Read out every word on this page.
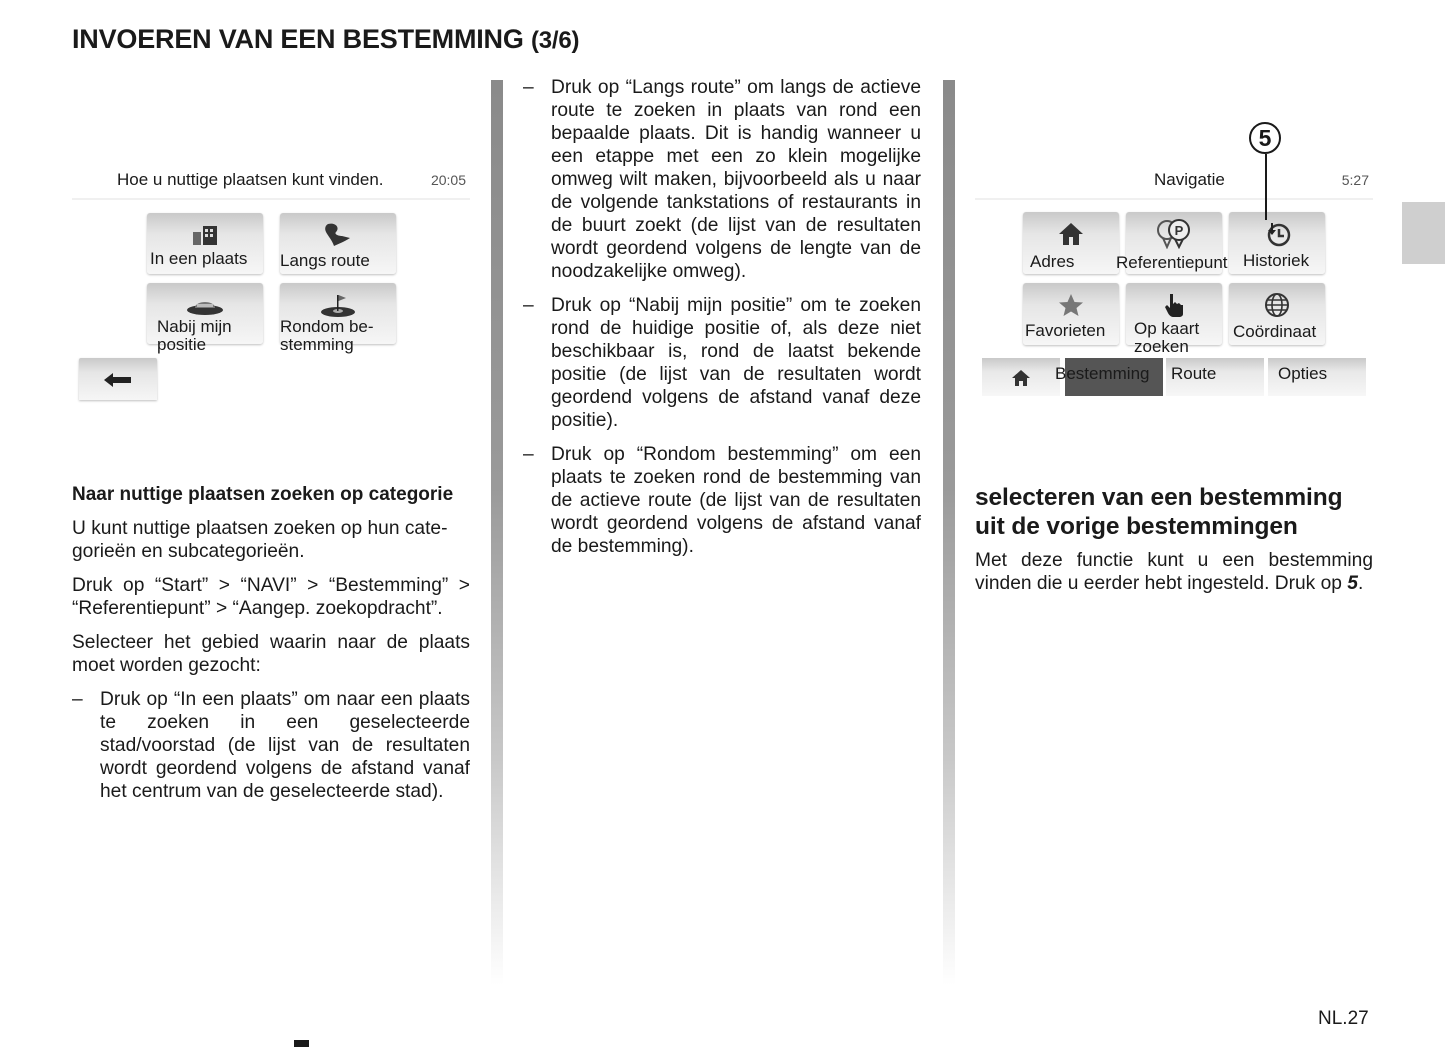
INVOEREN VAN EEN BESTEMMING (3/6)
Hoe u nuttige plaatsen kunt vinden.	20:05
In een plaats Langs route
Nabij mijn
positie
Rondom be-
stemming
Navigatie	5:27
Adres
P
Referentiepunt Historiek
Favorieten Op kaart
zoeken
Coördinaat
Bestemming Route	Opties
5
Naar nuttige plaatsen zoeken op categorie

U kunt nuttige plaatsen zoeken op hun categorieën en subcategorieën.

Druk op “Start” > “NAVI” > “Bestemming” > “Referentiepunt” > “Aangep. zoekopdracht”.

Selecteer het gebied waarin naar de plaats moet worden gezocht:

– Druk op “In een plaats” om naar een plaats te zoeken in een geselecteerde stad/voorstad (de lijst van de resultaten wordt geordend volgens de afstand vanaf het centrum van de geselecteerde stad).
– Druk op “Langs route” om langs de actieve route te zoeken in plaats van rond een bepaalde plaats. Dit is handig wanneer u een etappe met een zo klein mogelijke omweg wilt maken, bijvoorbeeld als u naar de volgende tankstations of restaurants in de buurt zoekt (de lijst van de resultaten wordt geordend volgens de lengte van de noodzakelijke omweg).
– Druk op “Nabij mijn positie” om te zoeken rond de huidige positie of, als deze niet beschikbaar is, rond de laatst bekende positie (de lijst van de resultaten wordt geordend volgens de afstand vanaf deze positie).
– Druk op “Rondom bestemming” om een plaats te zoeken rond de bestemming van de actieve route (de lijst van de resultaten wordt geordend volgens de afstand vanaf de bestemming).
selecteren van een bestemming uit de vorige bestemmingen

Met deze functie kunt u een bestemming vinden die u eerder hebt ingesteld. Druk op 5.

NL.27
